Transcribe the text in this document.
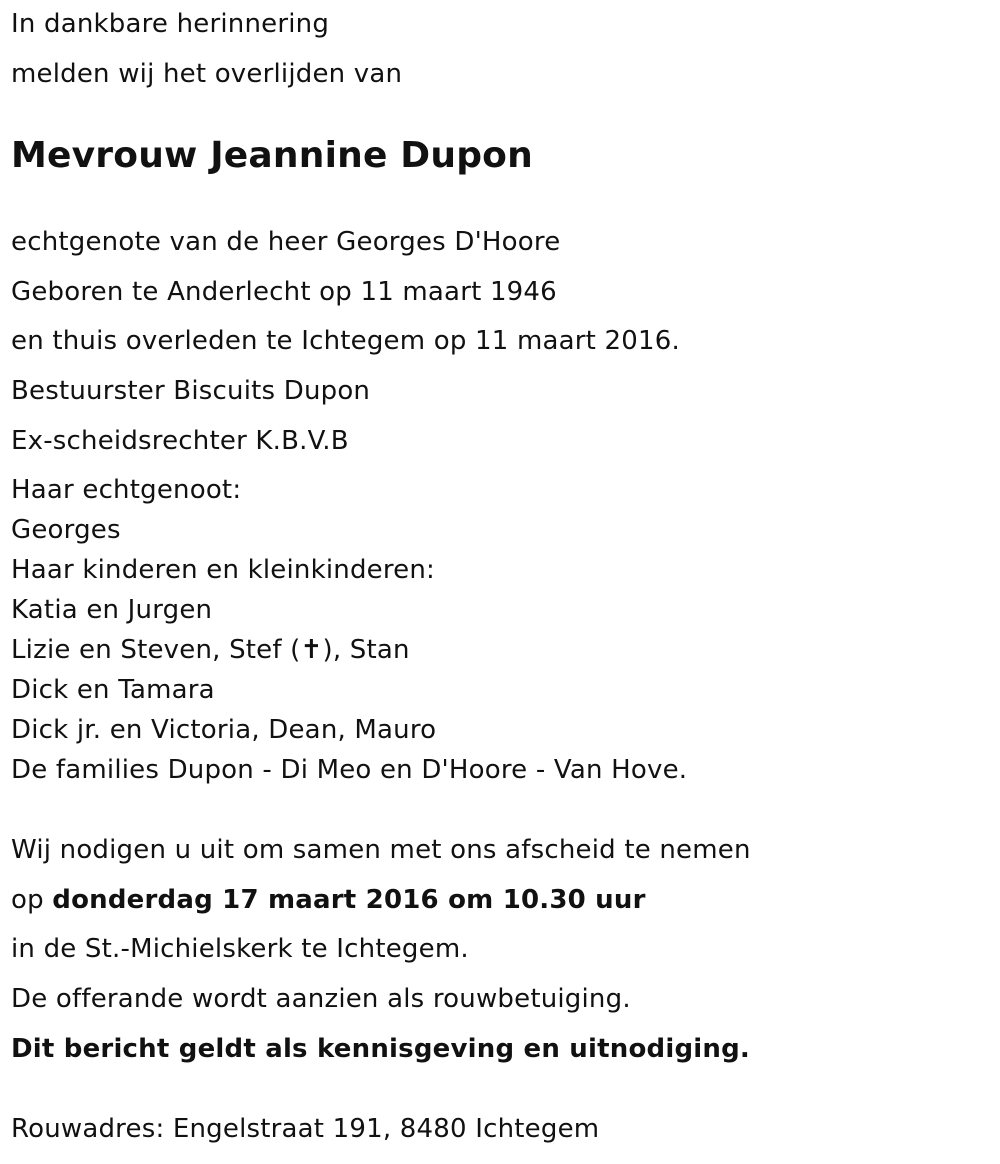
In dankbare herinnering

melden wij het overlijden van

Mevrouw Jeannine Dupon

echtgenote van de heer Georges D'Hoore

Geboren te Anderlecht op 11 maart 1946

en thuis overleden te Ichtegem op 11 maart 2016.

Bestuurster Biscuits Dupon

Ex-scheidsrechter K.B.V.B

Haar echtgenoot:

Georges

Haar kinderen en kleinkinderen:

Katia en Jurgen

Lizie en Steven, Stef (✝), Stan

Dick en Tamara

Dick jr. en Victoria, Dean, Mauro

De families Dupon - Di Meo en D'Hoore - Van Hove.

Wij nodigen u uit om samen met ons afscheid te nemen

op donderdag 17 maart 2016 om 10.30 uur

in de St.-Michielskerk te Ichtegem.

De offerande wordt aanzien als rouwbetuiging.

Dit bericht geldt als kennisgeving en uitnodiging.

Rouwadres: Engelstraat 191, 8480 Ichtegem
